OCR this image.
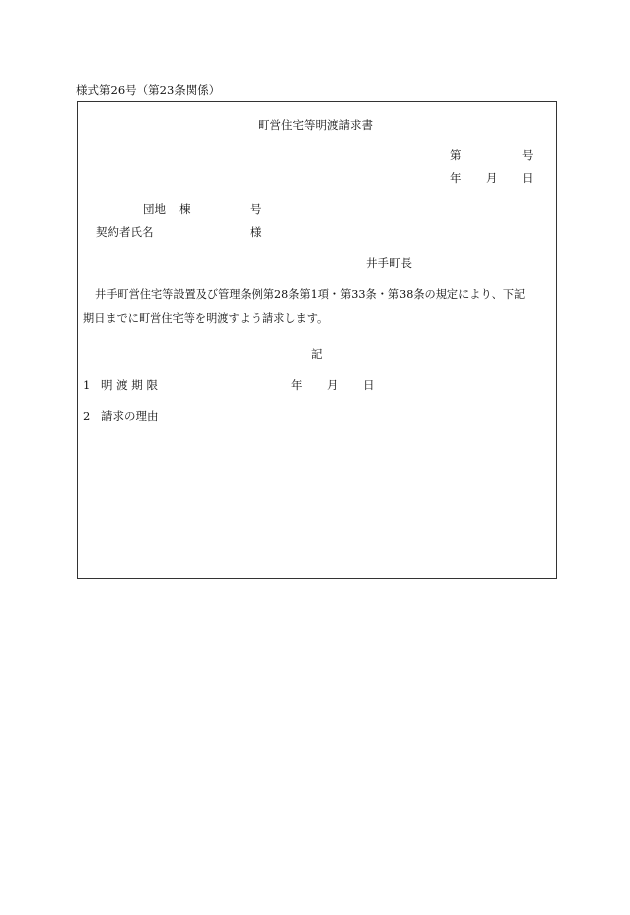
様式第26号（第23条関係）
町営住宅等明渡請求書
第	号
年 月 日
団地 棟	号
契約者氏名	様
井手町長
井手町営住宅等設置及び管理条例第28条第1項・第33条・第38条の規定により、下記
期日までに町営住宅等を明渡すよう請求します。
記
1 明 渡 期 限	年 月 日
2 請求の理由
